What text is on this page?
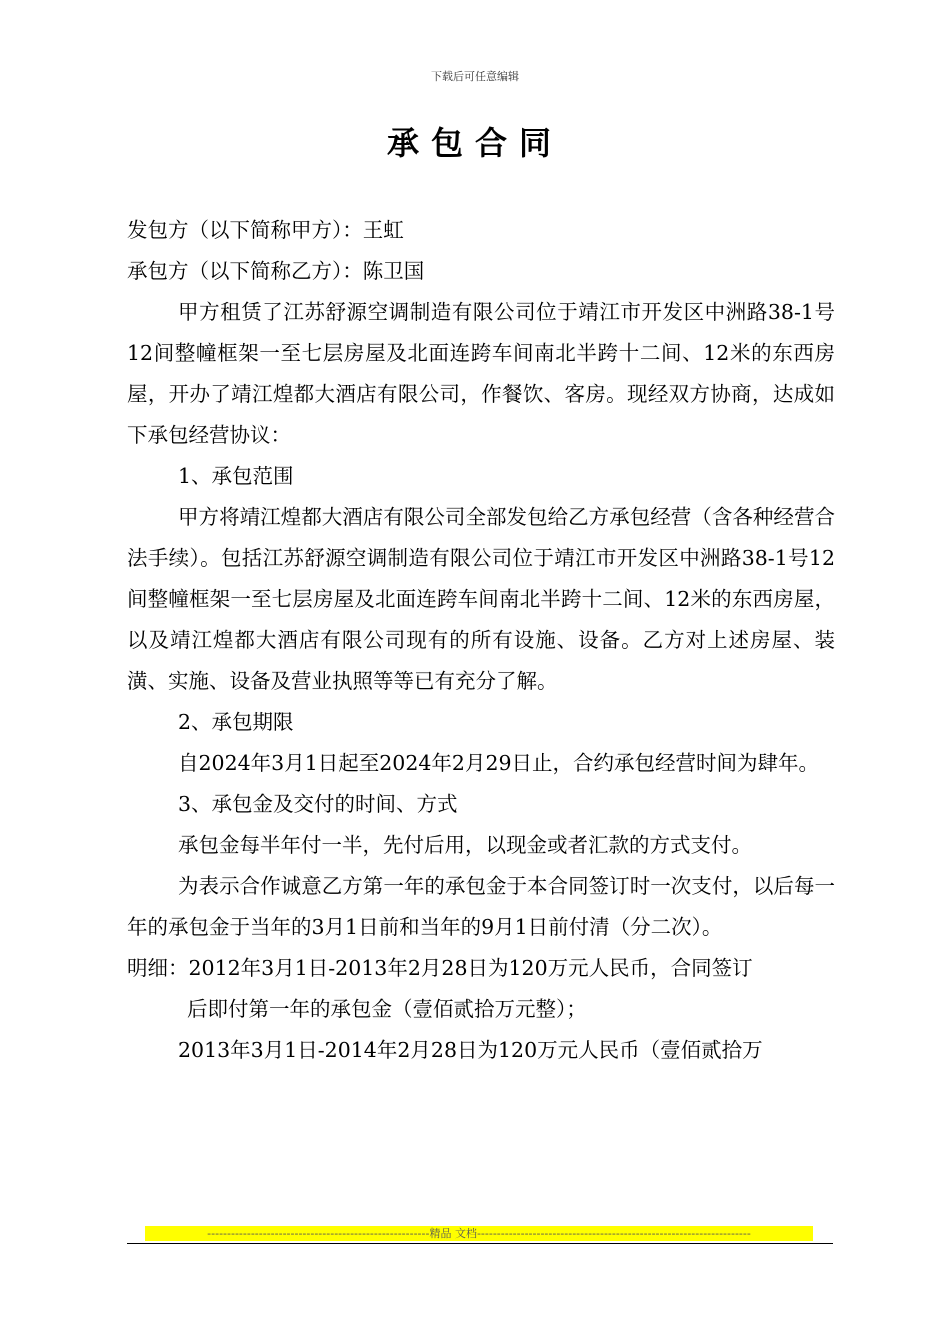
下载后可任意编辑
承包合同

发包方（以下简称甲方）：王虹

承包方（以下简称乙方）：陈卫国

甲方租赁了江苏舒源空调制造有限公司位于靖江市开发区中洲路38-1号12间整幢框架一至七层房屋及北面连跨车间南北半跨十二间、12米的东西房屋，开办了靖江煌都大酒店有限公司，作餐饮、客房。现经双方协商，达成如下承包经营协议：

1、承包范围

甲方将靖江煌都大酒店有限公司全部发包给乙方承包经营（含各种经营合法手续）。包括江苏舒源空调制造有限公司位于靖江市开发区中洲路38-1号12间整幢框架一至七层房屋及北面连跨车间南北半跨十二间、12米的东西房屋，以及靖江煌都大酒店有限公司现有的所有设施、设备。乙方对上述房屋、装潢、实施、设备及营业执照等等已有充分了解。

2、承包期限

自2024年3月1日起至2024年2月29日止，合约承包经营时间为肆年。

3、承包金及交付的时间、方式

承包金每半年付一半，先付后用，以现金或者汇款的方式支付。

为表示合作诚意乙方第一年的承包金于本合同签订时一次支付，以后每一年的承包金于当年的3月1日前和当年的9月1日前付清（分二次）。

明细：2012年3月1日-2013年2月28日为120万元人民币，合同签订

后即付第一年的承包金（壹佰贰拾万元整）；

2013年3月1日-2014年2月28日为120万元人民币（壹佰贰拾万

--------------------------------------------------------精品 文档---------------------------------------------------------------------
